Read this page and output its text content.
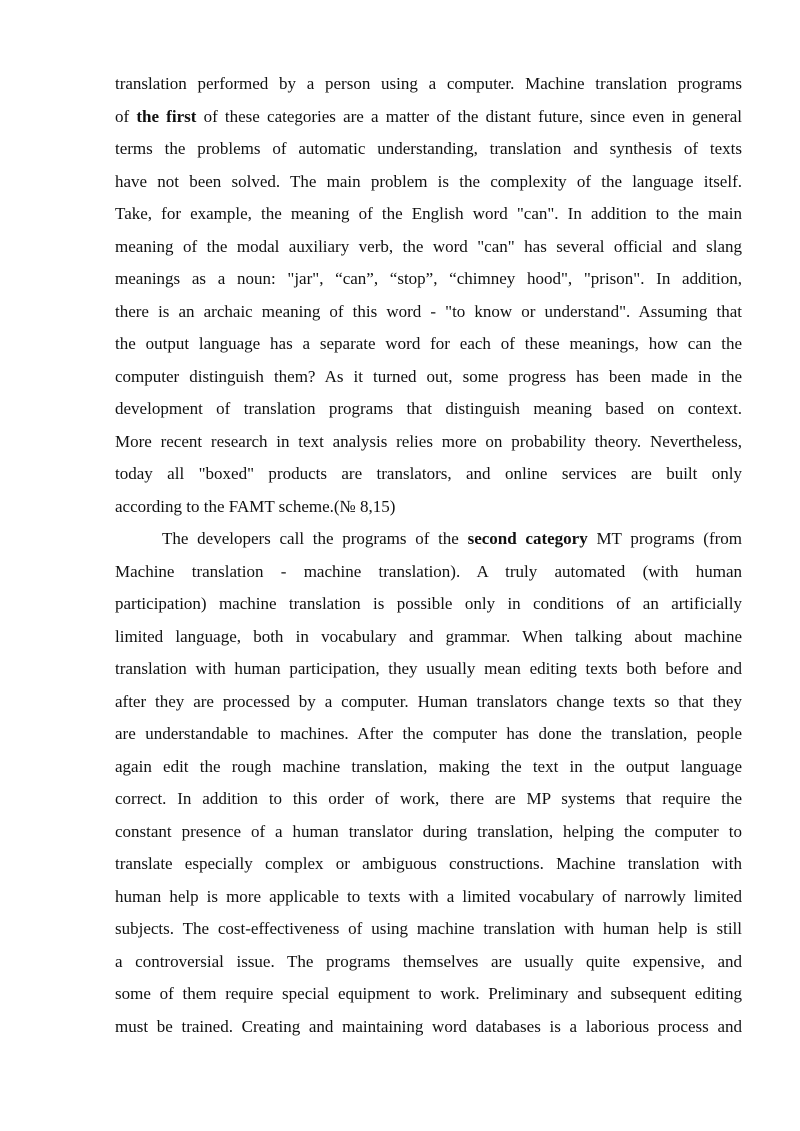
translation performed by a person using a computer. Machine translation programs
of the first of these categories are a matter of the distant future, since even in general
terms the problems of automatic understanding, translation and synthesis of texts
have not been solved. The main problem is the complexity of the language itself.
Take, for example, the meaning of the English word "can". In addition to the main
meaning of the modal auxiliary verb, the word "can" has several official and slang
meanings as a noun: "jar", “can”, “stop”, “chimney hood", "prison". In addition,
there is an archaic meaning of this word - "to know or understand". Assuming that
the output language has a separate word for each of these meanings, how can the
computer distinguish them? As it turned out, some progress has been made in the
development of translation programs that distinguish meaning based on context.
More recent research in text analysis relies more on probability theory. Nevertheless,
today all "boxed" products are translators, and online services are built only
according to the FAMT scheme.(№ 8,15)

The developers call the programs of the second category MT programs (from
Machine translation - machine translation). A truly automated (with human
participation) machine translation is possible only in conditions of an artificially
limited language, both in vocabulary and grammar. When talking about machine
translation with human participation, they usually mean editing texts both before and
after they are processed by a computer. Human translators change texts so that they
are understandable to machines. After the computer has done the translation, people
again edit the rough machine translation, making the text in the output language
correct. In addition to this order of work, there are MP systems that require the
constant presence of a human translator during translation, helping the computer to
translate especially complex or ambiguous constructions. Machine translation with
human help is more applicable to texts with a limited vocabulary of narrowly limited
subjects. The cost-effectiveness of using machine translation with human help is still
a controversial issue. The programs themselves are usually quite expensive, and
some of them require special equipment to work. Preliminary and subsequent editing
must be trained. Creating and maintaining word databases is a laborious process and
